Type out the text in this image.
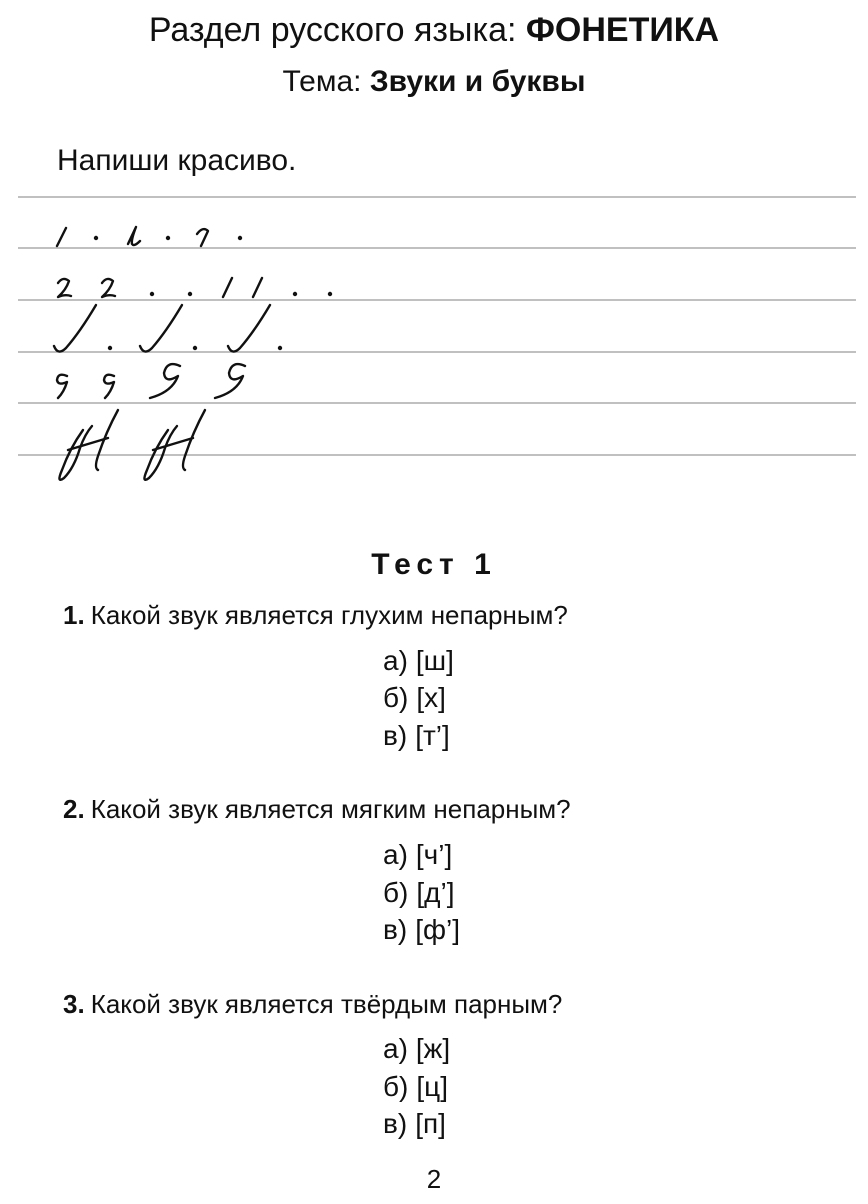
Раздел русского языка: ФОНЕТИКА
Тема: Звуки и буквы
Напиши красиво.
Тест 1
1. Какой звук является глухим непарным?
а) [ш]
б) [х]
в) [т’]
2. Какой звук является мягким непарным?
а) [ч’]
б) [д’]
в) [ф’]
3. Какой звук является твёрдым парным?
а) [ж]
б) [ц]
в) [п]
2
